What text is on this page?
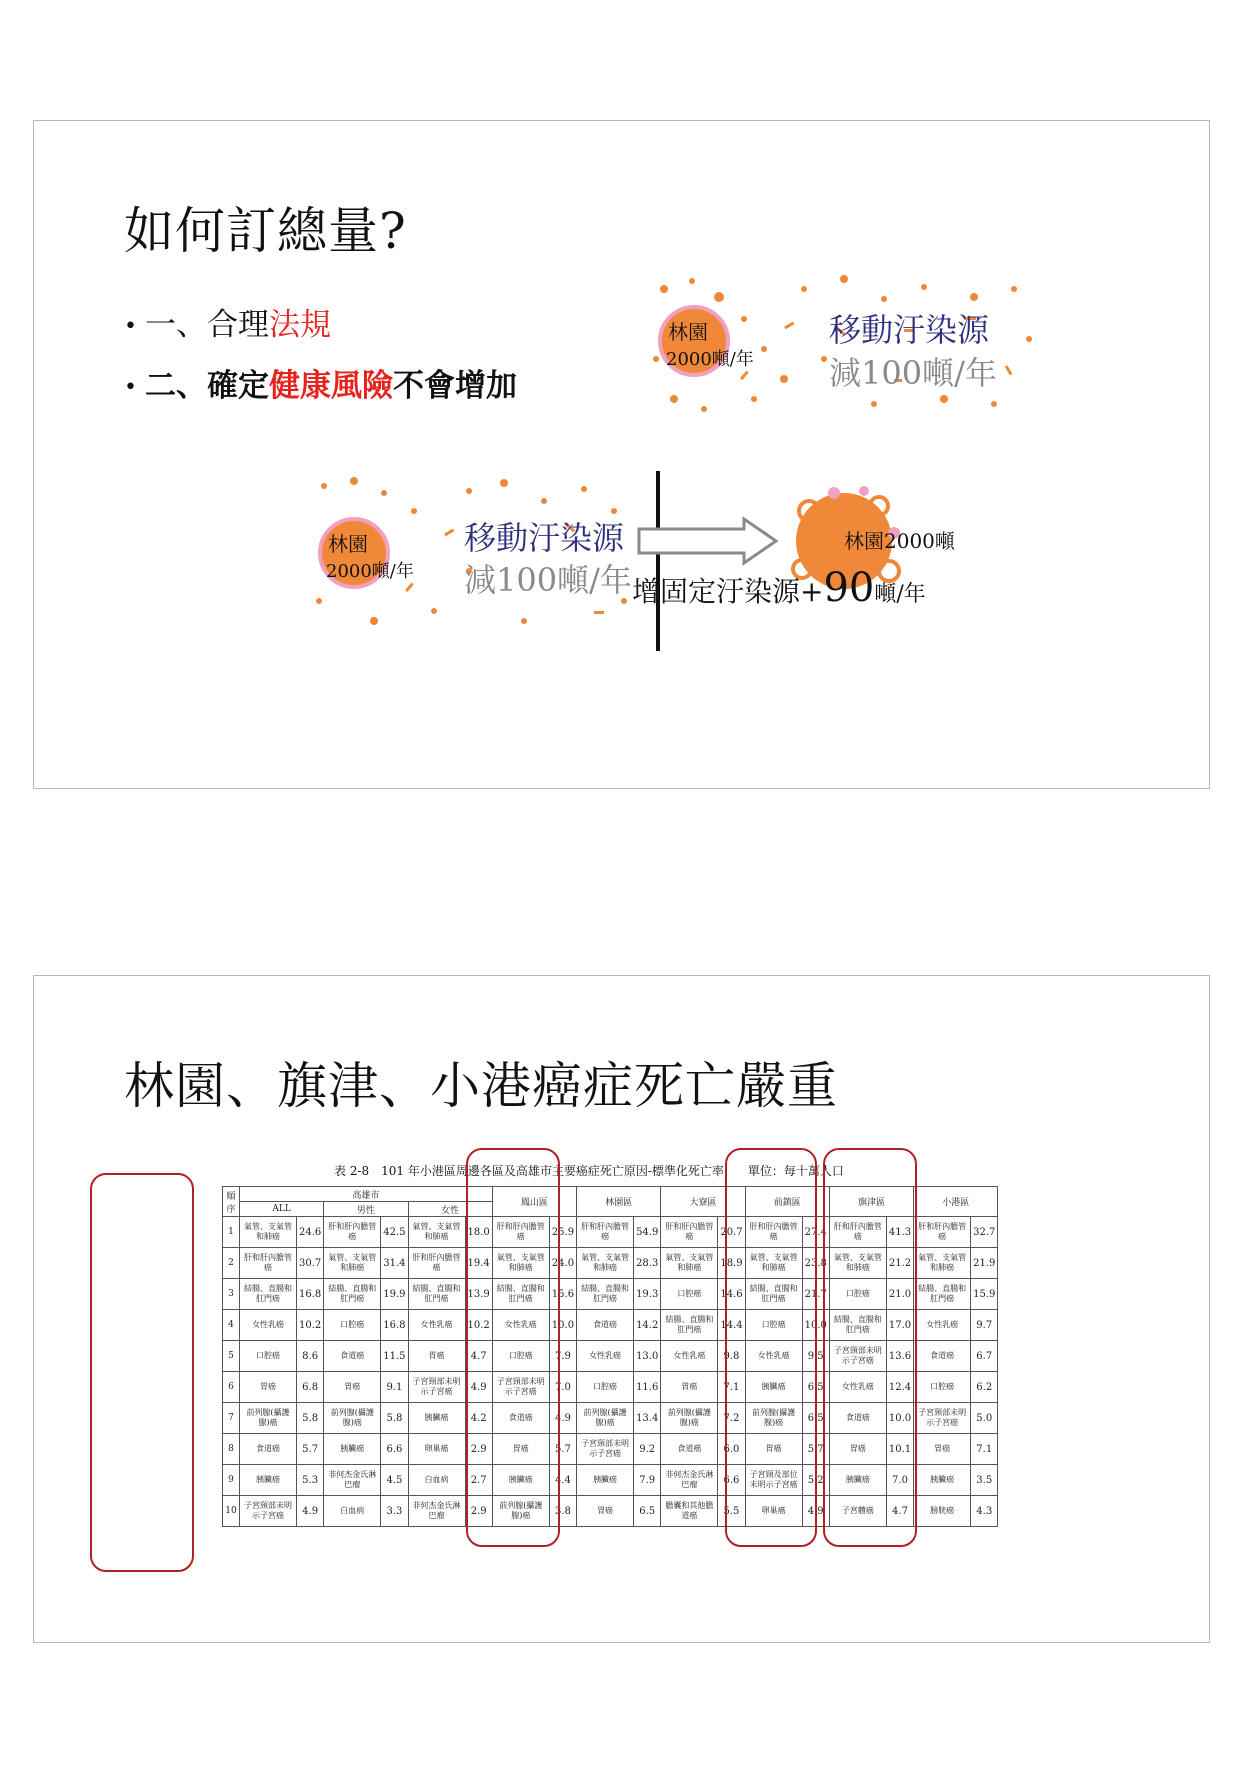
如何訂總量?
• 一、合理法規
• 二、確定健康風險不會增加
林園
2000噸/年
移動汙染源
減100噸/年
林園
2000噸/年
移動汙染源
減100噸/年
林園2000噸
增固定汙染源+90噸/年
林園、旗津、小港癌症死亡嚴重
表 2-8　101 年小港區周邊各區及高雄市主要癌症死亡原因-標準化死亡率　　單位：每十萬人口
順序	高雄市						鳳山區		林園區		大寮區		前鎮區		旗津區		小港區	
	ALL		男性		女性													
1	氣管、支氣管和肺癌	24.6	肝和肝內膽管癌	42.5	氣管、支氣管和肺癌	18.0	肝和肝內膽管癌	25.9	肝和肝內膽管癌	54.9	肝和肝內膽管癌	20.7	肝和肝內膽管癌	27.4	肝和肝內膽管癌	41.3	肝和肝內膽管癌	32.7
2	肝和肝內膽管癌	30.7	氣管、支氣管和肺癌	31.4	肝和肝內膽管癌	19.4	氣管、支氣管和肺癌	24.0	氣管、支氣管和肺癌	28.3	氣管、支氣管和肺癌	18.9	氣管、支氣管和肺癌	23.8	氣管、支氣管和肺癌	21.2	氣管、支氣管和肺癌	21.9
3	結腸、直腸和肛門癌	16.8	結腸、直腸和肛門癌	19.9	結腸、直腸和肛門癌	13.9	結腸、直腸和肛門癌	15.6	結腸、直腸和肛門癌	19.3	口腔癌	14.6	結腸、直腸和肛門癌	21.7	口腔癌	21.0	結腸、直腸和肛門癌	15.9
4	女性乳癌	10.2	口腔癌	16.8	女性乳癌	10.2	女性乳癌	10.0	食道癌	14.2	結腸、直腸和肛門癌	14.4	口腔癌	10.0	結腸、直腸和肛門癌	17.0	女性乳癌	9.7
5	口腔癌	8.6	食道癌	11.5	胃癌	4.7	口腔癌	7.9	女性乳癌	13.0	女性乳癌	9.8	女性乳癌	9.5	子宮頸部未明示子宮癌	13.6	食道癌	6.7
6	胃癌	6.8	胃癌	9.1	子宮頸部未明示子宮癌	4.9	子宮頸部未明示子宮癌	7.0	口腔癌	11.6	胃癌	7.1	胰臟癌	6.5	女性乳癌	12.4	口腔癌	6.2
7	前列腺(攝護腺)癌	5.8	前列腺(攝護腺)癌	5.8	胰臟癌	4.2	食道癌	4.9	前列腺(攝護腺)癌	13.4	前列腺(攝護腺)癌	7.2	前列腺(攝護腺)癌	6.5	食道癌	10.0	子宮頸部未明示子宮癌	5.0
8	食道癌	5.7	胰臟癌	6.6	卵巢癌	2.9	胃癌	5.7	子宮頸部未明示子宮癌	9.2	食道癌	6.0	胃癌	5.7	胃癌	10.1	胃癌	7.1
9	胰臟癌	5.3	非何杰金氏淋巴瘤	4.5	白血病	2.7	胰臟癌	4.4	胰臟癌	7.9	非何杰金氏淋巴瘤	6.6	子宮頸及部位未明示子宮癌	5.2	胰臟癌	7.0	胰臟癌	3.5
10	子宮頸部未明示子宮癌	4.9	白血病	3.3	非何杰金氏淋巴瘤	2.9	前列腺(攝護腺)癌	3.8	胃癌	6.5	膽囊和其他膽道癌	5.5	卵巢癌	4.9	子宮體癌	4.7	膀胱癌	4.3
